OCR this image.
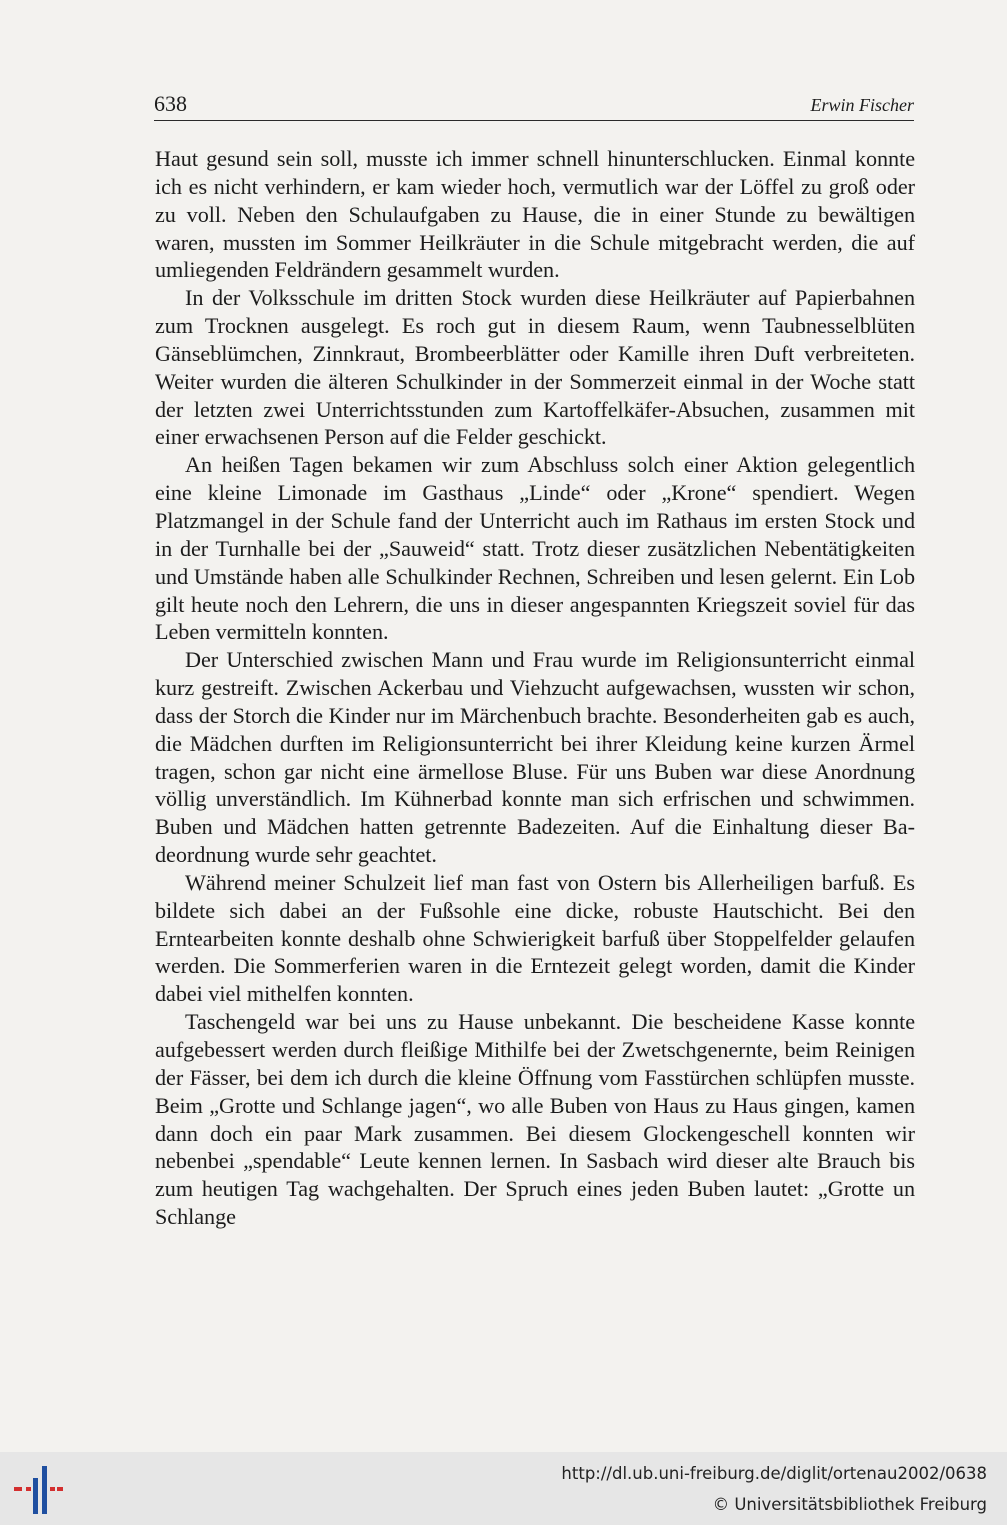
638	Erwin Fischer

Haut gesund sein soll, musste ich immer schnell hinunterschlucken. Einmal konnte ich es nicht verhindern, er kam wieder hoch, vermutlich war der Löffel zu groß oder zu voll. Neben den Schulaufgaben zu Hause, die in einer Stunde zu bewältigen waren, mussten im Sommer Heilkräuter in die Schule mitgebracht werden, die auf umliegenden Feldrändern gesammelt wurden.

In der Volksschule im dritten Stock wurden diese Heilkräuter auf Papierbahnen zum Trocknen ausgelegt. Es roch gut in diesem Raum, wenn Taubnesselblüten Gänseblümchen, Zinnkraut, Brombeerblätter oder Kamille ihren Duft verbreiteten. Weiter wurden die älteren Schulkinder in der Sommerzeit einmal in der Woche statt der letzten zwei Unterrichtsstunden zum Kartoffelkäfer-Absuchen, zusammen mit einer erwachsenen Person auf die Felder geschickt.

An heißen Tagen bekamen wir zum Abschluss solch einer Aktion gelegentlich eine kleine Limonade im Gasthaus „Linde“ oder „Krone“ spendiert. Wegen Platzmangel in der Schule fand der Unterricht auch im Rathaus im ersten Stock und in der Turnhalle bei der „Sauweid“ statt. Trotz dieser zusätzlichen Nebentätigkeiten und Umstände haben alle Schulkinder Rechnen, Schreiben und lesen gelernt. Ein Lob gilt heute noch den Lehrern, die uns in dieser angespannten Kriegszeit soviel für das Leben vermitteln konnten.

Der Unterschied zwischen Mann und Frau wurde im Religionsunterricht einmal kurz gestreift. Zwischen Ackerbau und Viehzucht aufgewachsen, wussten wir schon, dass der Storch die Kinder nur im Märchenbuch brachte. Besonderheiten gab es auch, die Mädchen durften im Religionsunterricht bei ihrer Kleidung keine kurzen Ärmel tragen, schon gar nicht eine ärmellose Bluse. Für uns Buben war diese Anordnung völlig unverständlich. Im Kühnerbad konnte man sich erfrischen und schwimmen. Buben und Mädchen hatten getrennte Badezeiten. Auf die Einhaltung dieser Badeordnung wurde sehr geachtet.

Während meiner Schulzeit lief man fast von Ostern bis Allerheiligen barfuß. Es bildete sich dabei an der Fußsohle eine dicke, robuste Hautschicht. Bei den Erntearbeiten konnte deshalb ohne Schwierigkeit barfuß über Stoppelfelder gelaufen werden. Die Sommerferien waren in die Erntezeit gelegt worden, damit die Kinder dabei viel mithelfen konnten.

Taschengeld war bei uns zu Hause unbekannt. Die bescheidene Kasse konnte aufgebessert werden durch fleißige Mithilfe bei der Zwetschgenernte, beim Reinigen der Fässer, bei dem ich durch die kleine Öffnung vom Fasstürchen schlüpfen musste. Beim „Grotte und Schlange jagen“, wo alle Buben von Haus zu Haus gingen, kamen dann doch ein paar Mark zusammen. Bei diesem Glockengeschell konnten wir nebenbei „spendable“ Leute kennen lernen. In Sasbach wird dieser alte Brauch bis zum heutigen Tag wachgehalten. Der Spruch eines jeden Buben lautet: „Grotte un Schlange

http://dl.ub.uni-freiburg.de/diglit/ortenau2002/0638
© Universitätsbibliothek Freiburg
